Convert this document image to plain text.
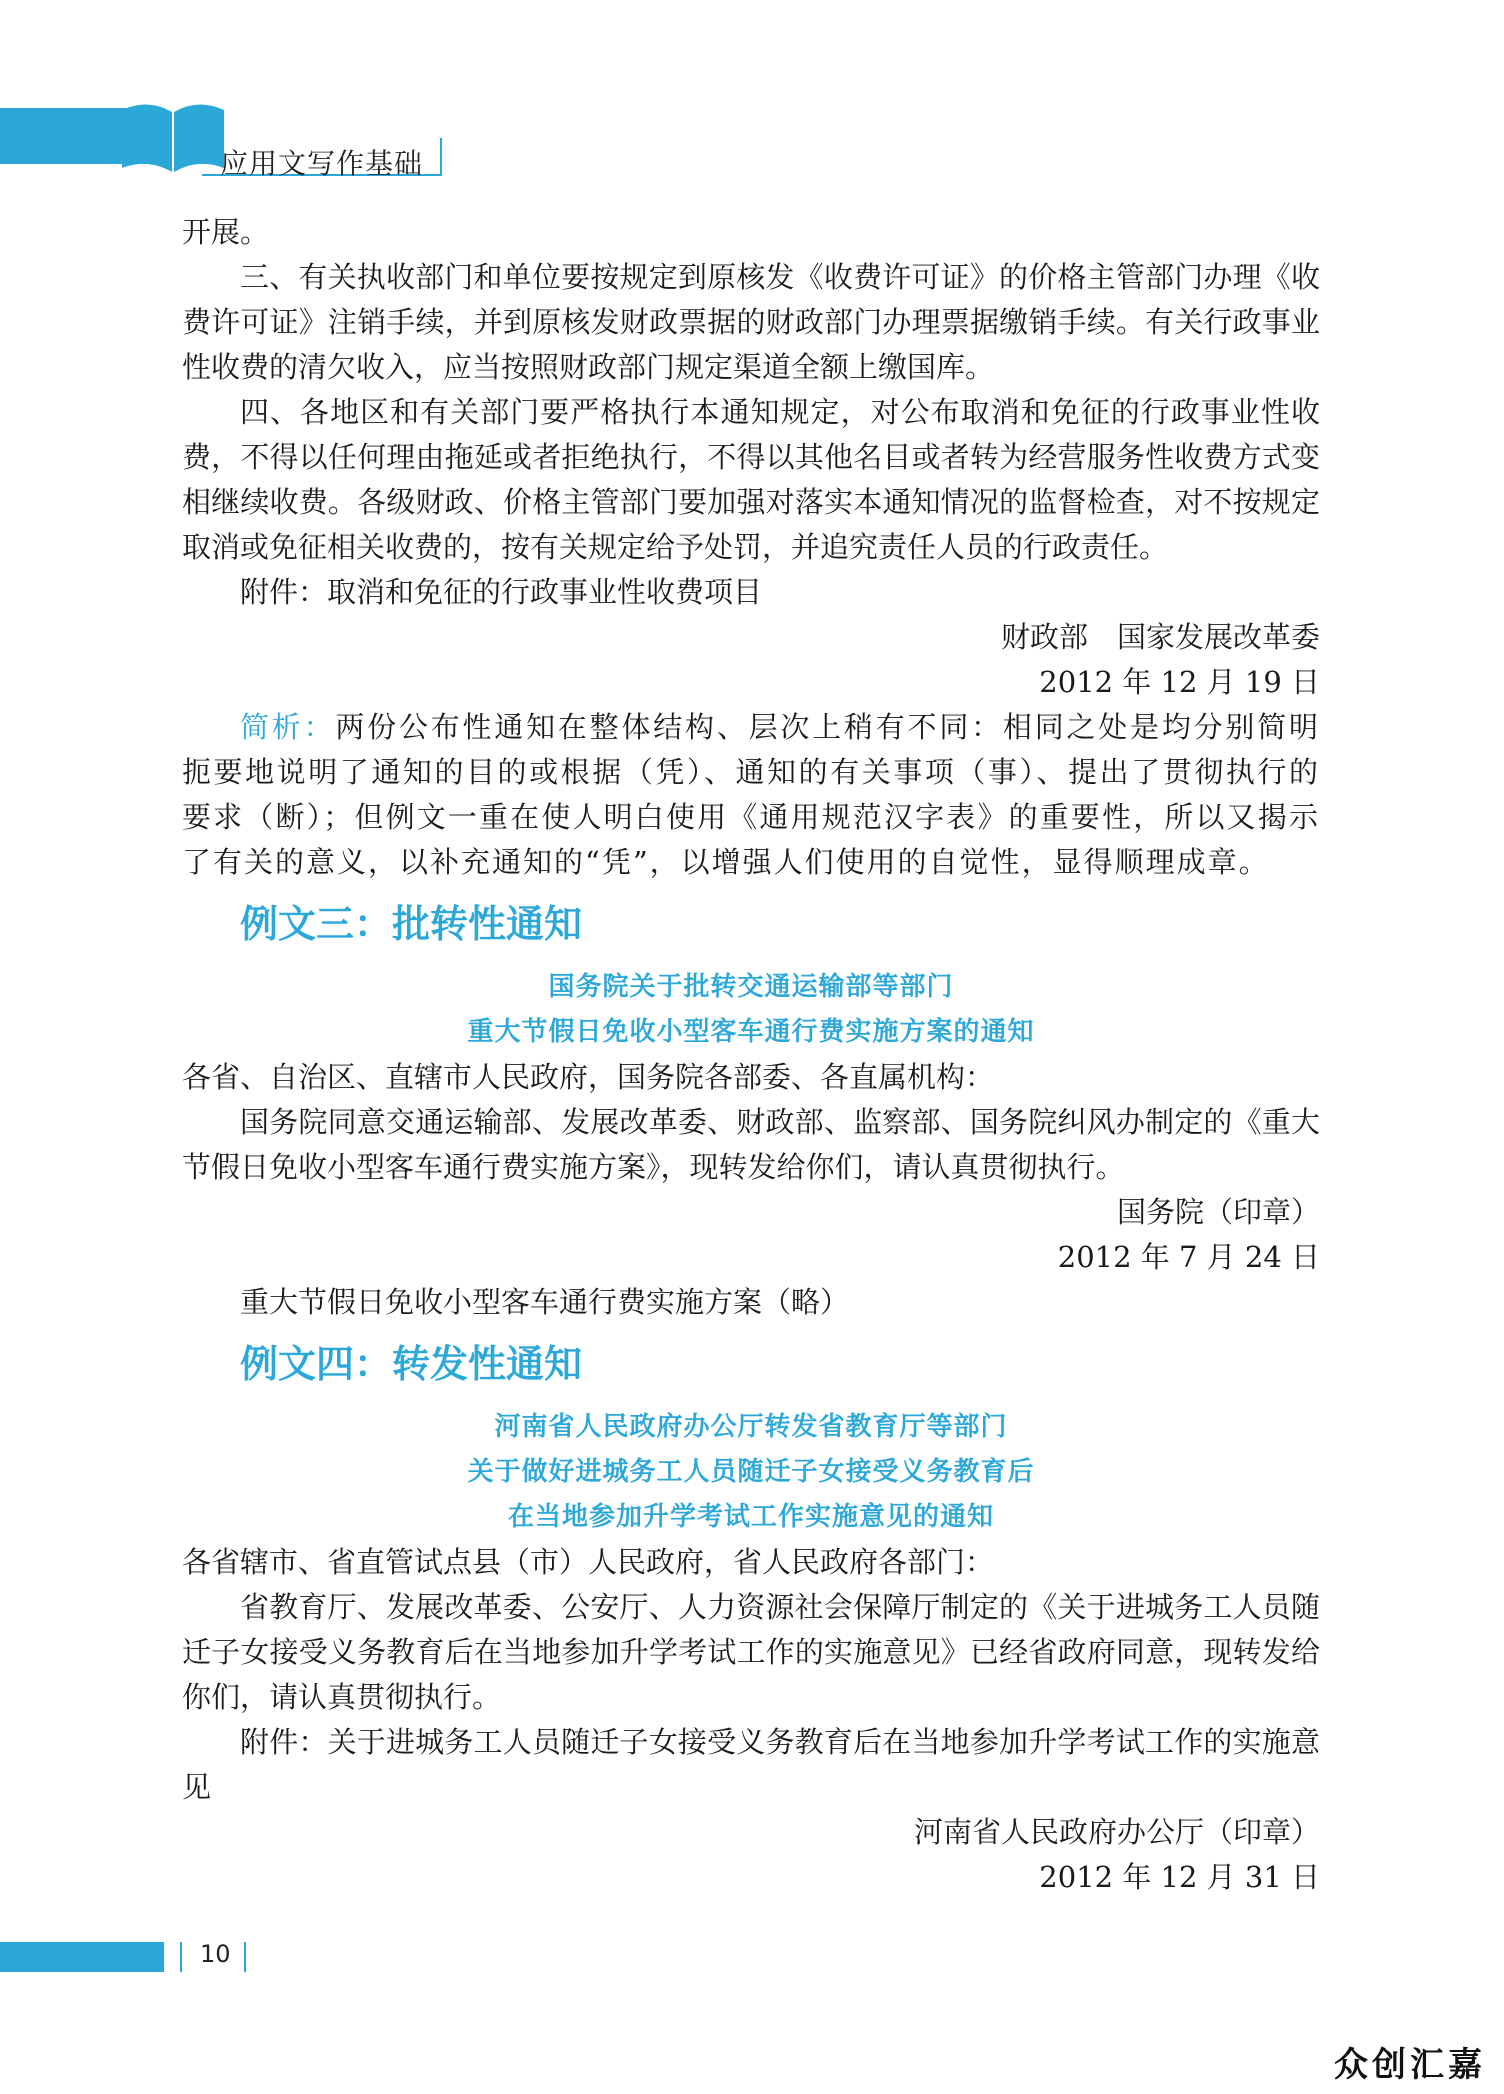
应用文写作基础

开展。

三、有关执收部门和单位要按规定到原核发《收费许可证》的价格主管部门办理《收费许可证》注销手续，并到原核发财政票据的财政部门办理票据缴销手续。有关行政事业性收费的清欠收入，应当按照财政部门规定渠道全额上缴国库。

四、各地区和有关部门要严格执行本通知规定，对公布取消和免征的行政事业性收费，不得以任何理由拖延或者拒绝执行，不得以其他名目或者转为经营服务性收费方式变相继续收费。各级财政、价格主管部门要加强对落实本通知情况的监督检查，对不按规定取消或免征相关收费的，按有关规定给予处罚，并追究责任人员的行政责任。

附件：取消和免征的行政事业性收费项目

财政部　国家发展改革委

2012 年 12 月 19 日

简析：两份公布性通知在整体结构、层次上稍有不同：相同之处是均分别简明扼要地说明了通知的目的或根据（凭）、通知的有关事项（事）、提出了贯彻执行的要求（断）；但例文一重在使人明白使用《通用规范汉字表》的重要性，所以又揭示了有关的意义，以补充通知的“凭”，以增强人们使用的自觉性，显得顺理成章。

例文三：批转性通知
国务院关于批转交通运输部等部门
重大节假日免收小型客车通行费实施方案的通知

各省、自治区、直辖市人民政府，国务院各部委、各直属机构：

国务院同意交通运输部、发展改革委、财政部、监察部、国务院纠风办制定的《重大节假日免收小型客车通行费实施方案》，现转发给你们，请认真贯彻执行。

国务院（印章）

2012 年 7 月 24 日

重大节假日免收小型客车通行费实施方案（略）

例文四：转发性通知
河南省人民政府办公厅转发省教育厅等部门
关于做好进城务工人员随迁子女接受义务教育后
在当地参加升学考试工作实施意见的通知

各省辖市、省直管试点县（市）人民政府，省人民政府各部门：

省教育厅、发展改革委、公安厅、人力资源社会保障厅制定的《关于进城务工人员随迁子女接受义务教育后在当地参加升学考试工作的实施意见》已经省政府同意，现转发给你们，请认真贯彻执行。

附件：关于进城务工人员随迁子女接受义务教育后在当地参加升学考试工作的实施意见

河南省人民政府办公厅（印章）

2012 年 12 月 31 日

10
众创汇嘉
